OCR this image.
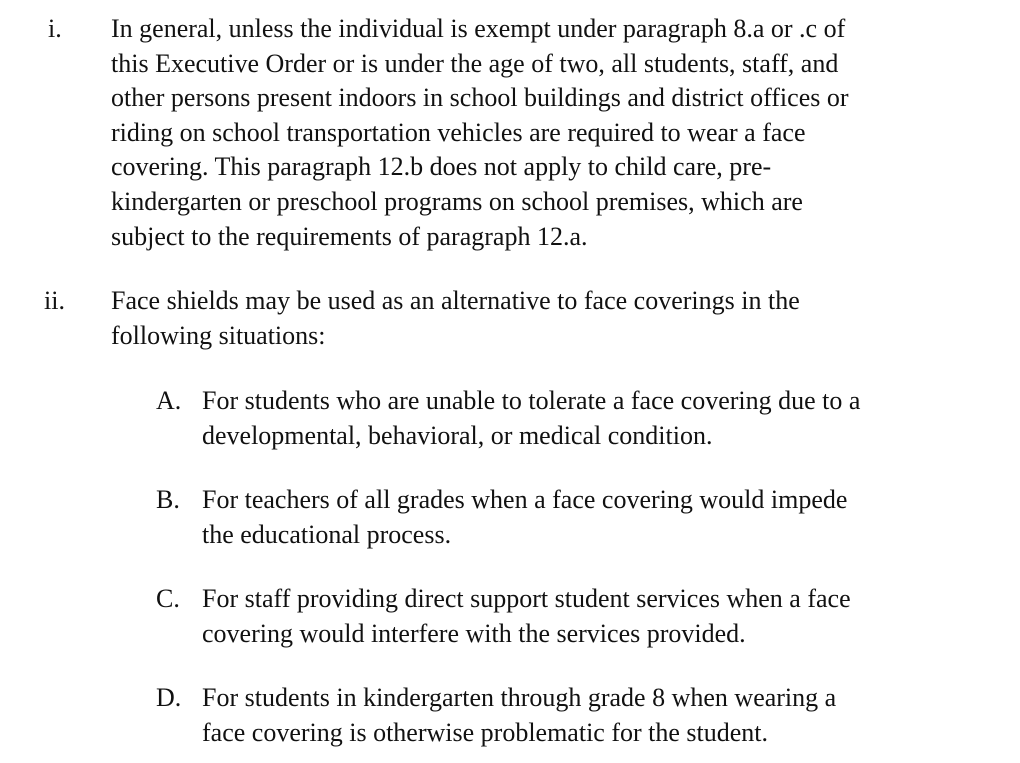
i. In general, unless the individual is exempt under paragraph 8.a or .c of
this Executive Order or is under the age of two, all students, staff, and
other persons present indoors in school buildings and district offices or
riding on school transportation vehicles are required to wear a face
covering. This paragraph 12.b does not apply to child care, pre-
kindergarten or preschool programs on school premises, which are
subject to the requirements of paragraph 12.a.
ii. Face shields may be used as an alternative to face coverings in the
following situations:
A. For students who are unable to tolerate a face covering due to a
developmental, behavioral, or medical condition.
B. For teachers of all grades when a face covering would impede
the educational process.
C. For staff providing direct support student services when a face
covering would interfere with the services provided.
D. For students in kindergarten through grade 8 when wearing a
face covering is otherwise problematic for the student.
